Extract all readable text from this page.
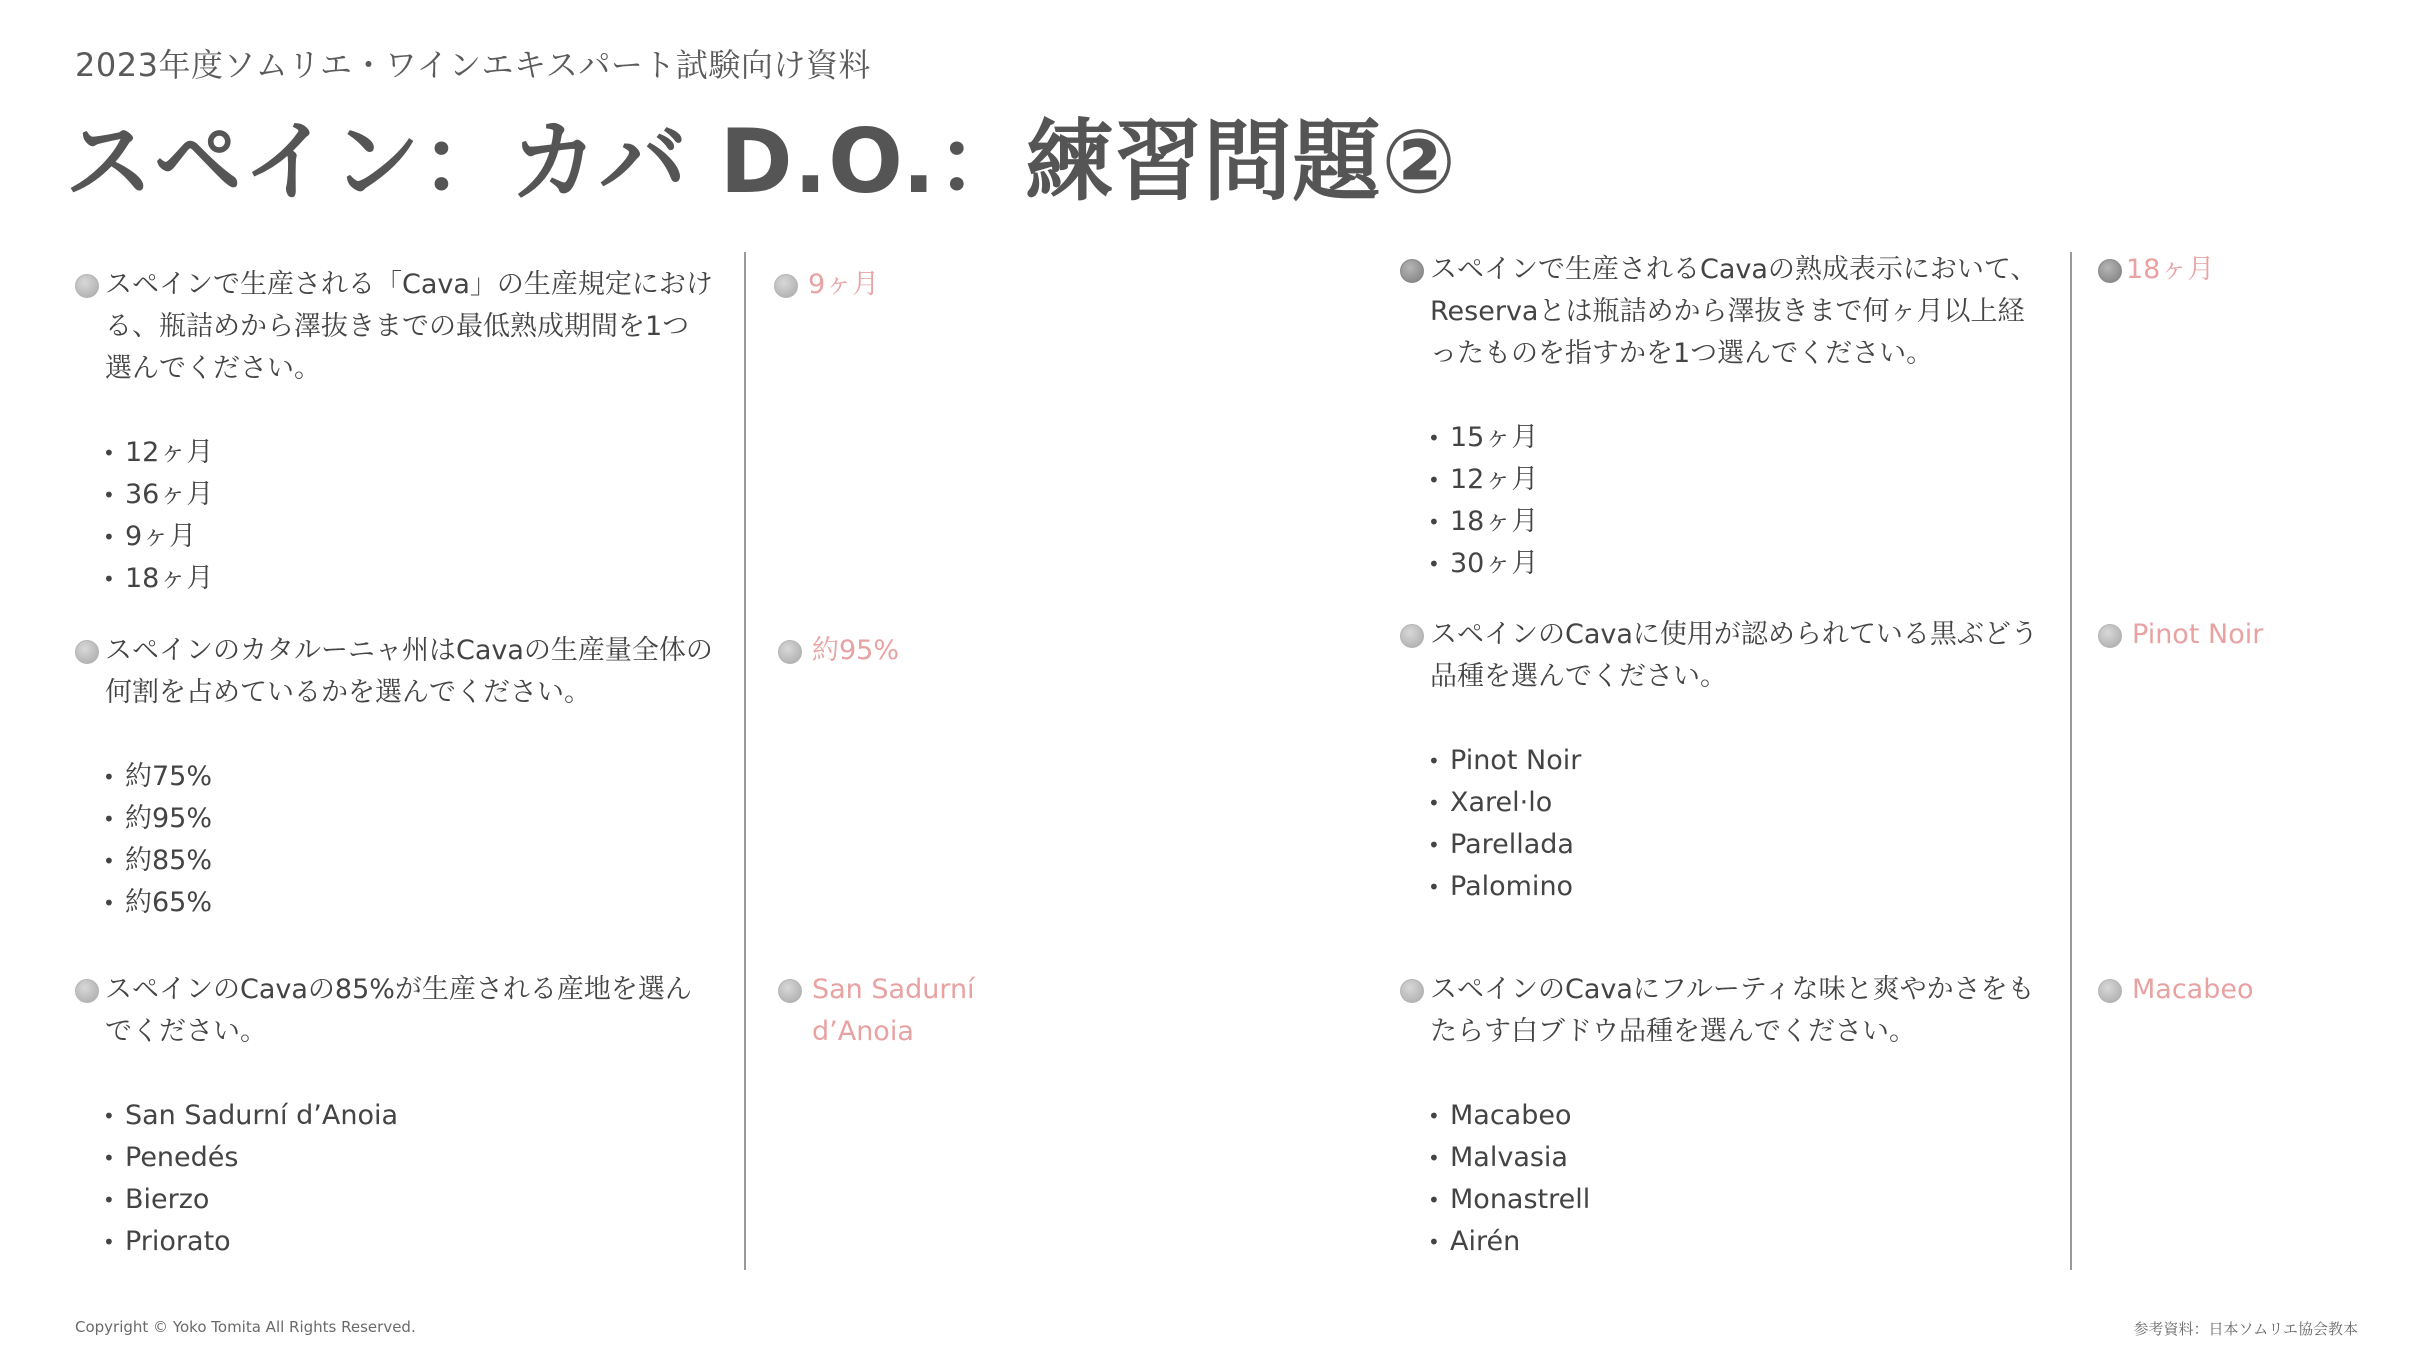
2023年度ソムリエ・ワインエキスパート試験向け資料
スペイン：カバ D.O.：練習問題②
スペインで生産される「Cava」の生産規定における、瓶詰めから澤抜きまでの最低熟成期間を1つ選んでください。
• 12ヶ月
• 36ヶ月
• 9ヶ月
• 18ヶ月
9ヶ月
スペインのカタルーニャ州はCavaの生産量全体の何割を占めているかを選んでください。
• 約75%
• 約95%
• 約85%
• 約65%
約95%
スペインのCavaの85%が生産される産地を選んでください。
• San Sadurní d’Anoia
• Penedés
• Bierzo
• Priorato
San Sadurní d’Anoia
スペインで生産されるCavaの熟成表示において、Reservaとは瓶詰めから澤抜きまで何ヶ月以上経ったものを指すかを1つ選んでください。
• 15ヶ月
• 12ヶ月
• 18ヶ月
• 30ヶ月
18ヶ月
スペインのCavaに使用が認められている黒ぶどう品種を選んでください。
• Pinot Noir
• Xarel·lo
• Parellada
• Palomino
Pinot Noir
スペインのCavaにフルーティな味と爽やかさをもたらす白ブドウ品種を選んでください。
• Macabeo
• Malvasia
• Monastrell
• Airén
Macabeo
Copyright © Yoko Tomita All Rights Reserved.	参考資料：日本ソムリエ協会教本
